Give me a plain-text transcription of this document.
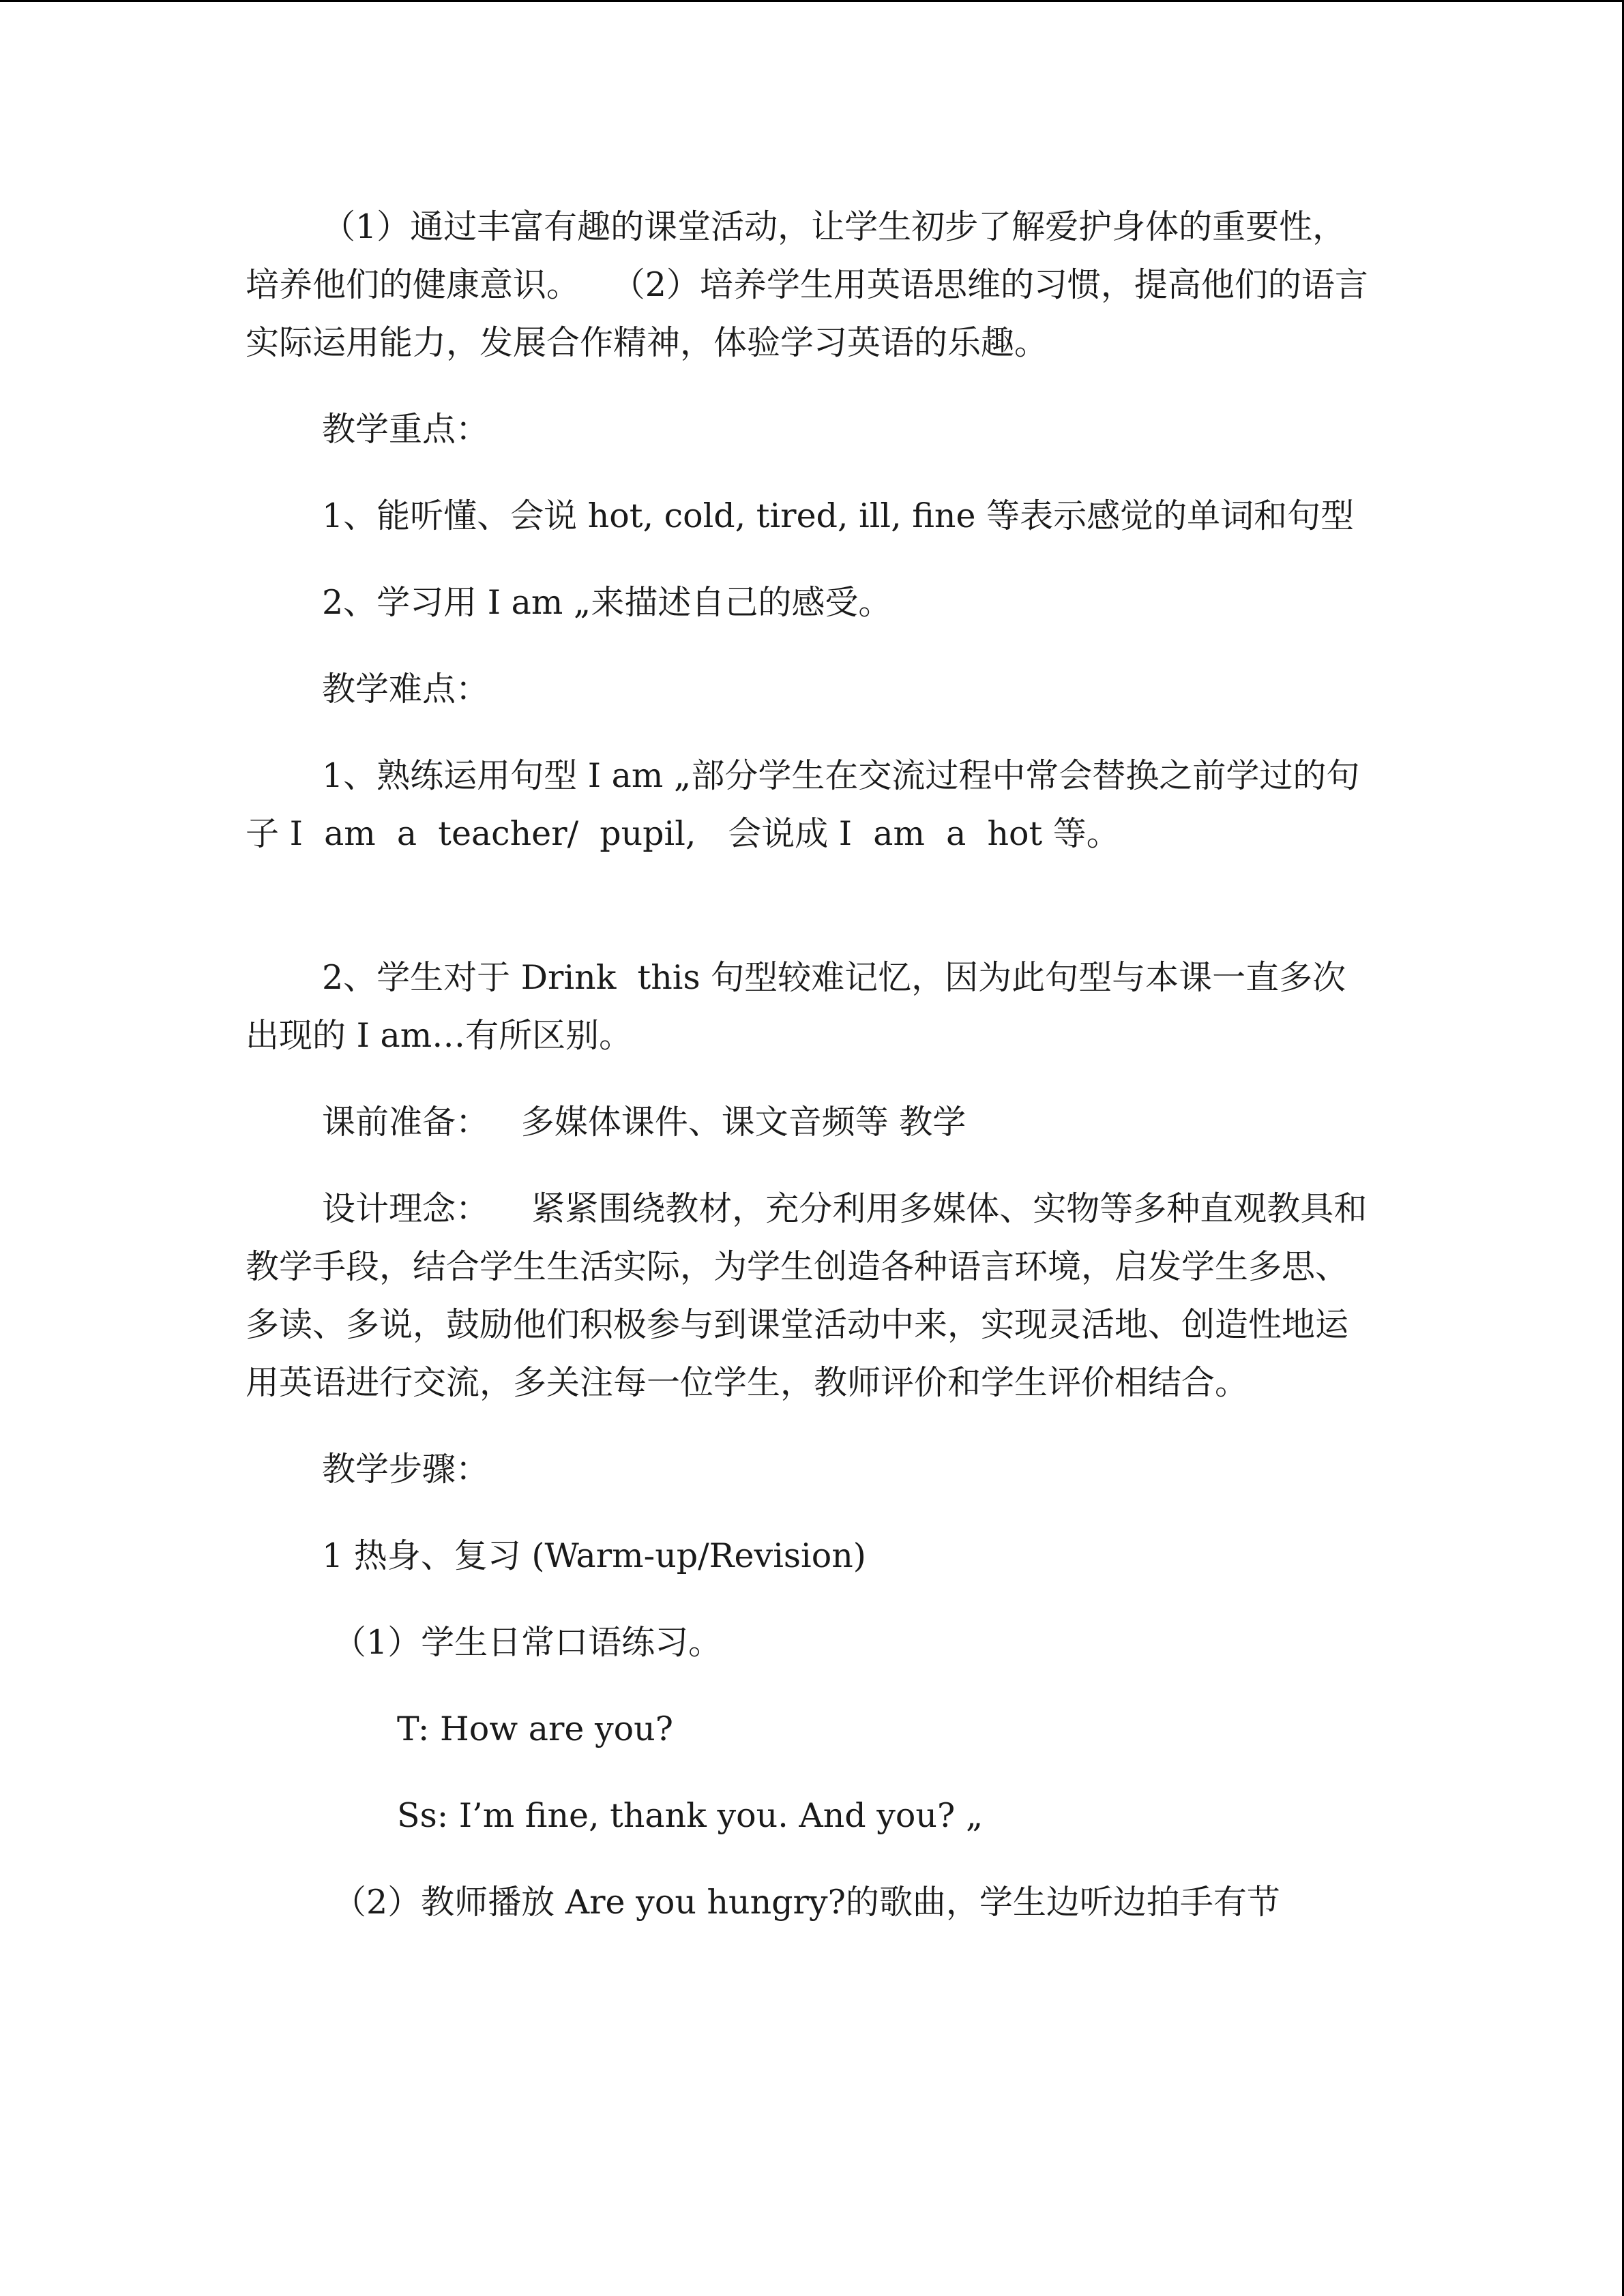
（1）通过丰富有趣的课堂活动，让学生初步了解爱护身体的重要性，培养他们的健康意识。   （2）培养学生用英语思维的习惯，提高他们的语言实际运用能力，发展合作精神，体验学习英语的乐趣。

教学重点：

1、能听懂、会说 hot, cold, tired, ill, fine 等表示感觉的单词和句型

2、学习用 I am „来描述自己的感受。

教学难点：

1、熟练运用句型 I am „部分学生在交流过程中常会替换之前学过的句子 I  am  a  teacher/  pupil,   会说成 I  am  a  hot 等。

2、学生对于 Drink  this 句型较难记忆，因为此句型与本课一直多次出现的 I am…有所区别。

课前准备：   多媒体课件、课文音频等 教学

设计理念：    紧紧围绕教材，充分利用多媒体、实物等多种直观教具和教学手段，结合学生生活实际，为学生创造各种语言环境，启发学生多思、多读、多说，鼓励他们积极参与到课堂活动中来，实现灵活地、创造性地运用英语进行交流，多关注每一位学生，教师评价和学生评价相结合。

教学步骤：

1 热身、复习 (Warm-up/Revision)

（1）学生日常口语练习。

T: How are you?

Ss: I’m fine, thank you. And you? „

（2）教师播放 Are you hungry?的歌曲，学生边听边拍手有节
